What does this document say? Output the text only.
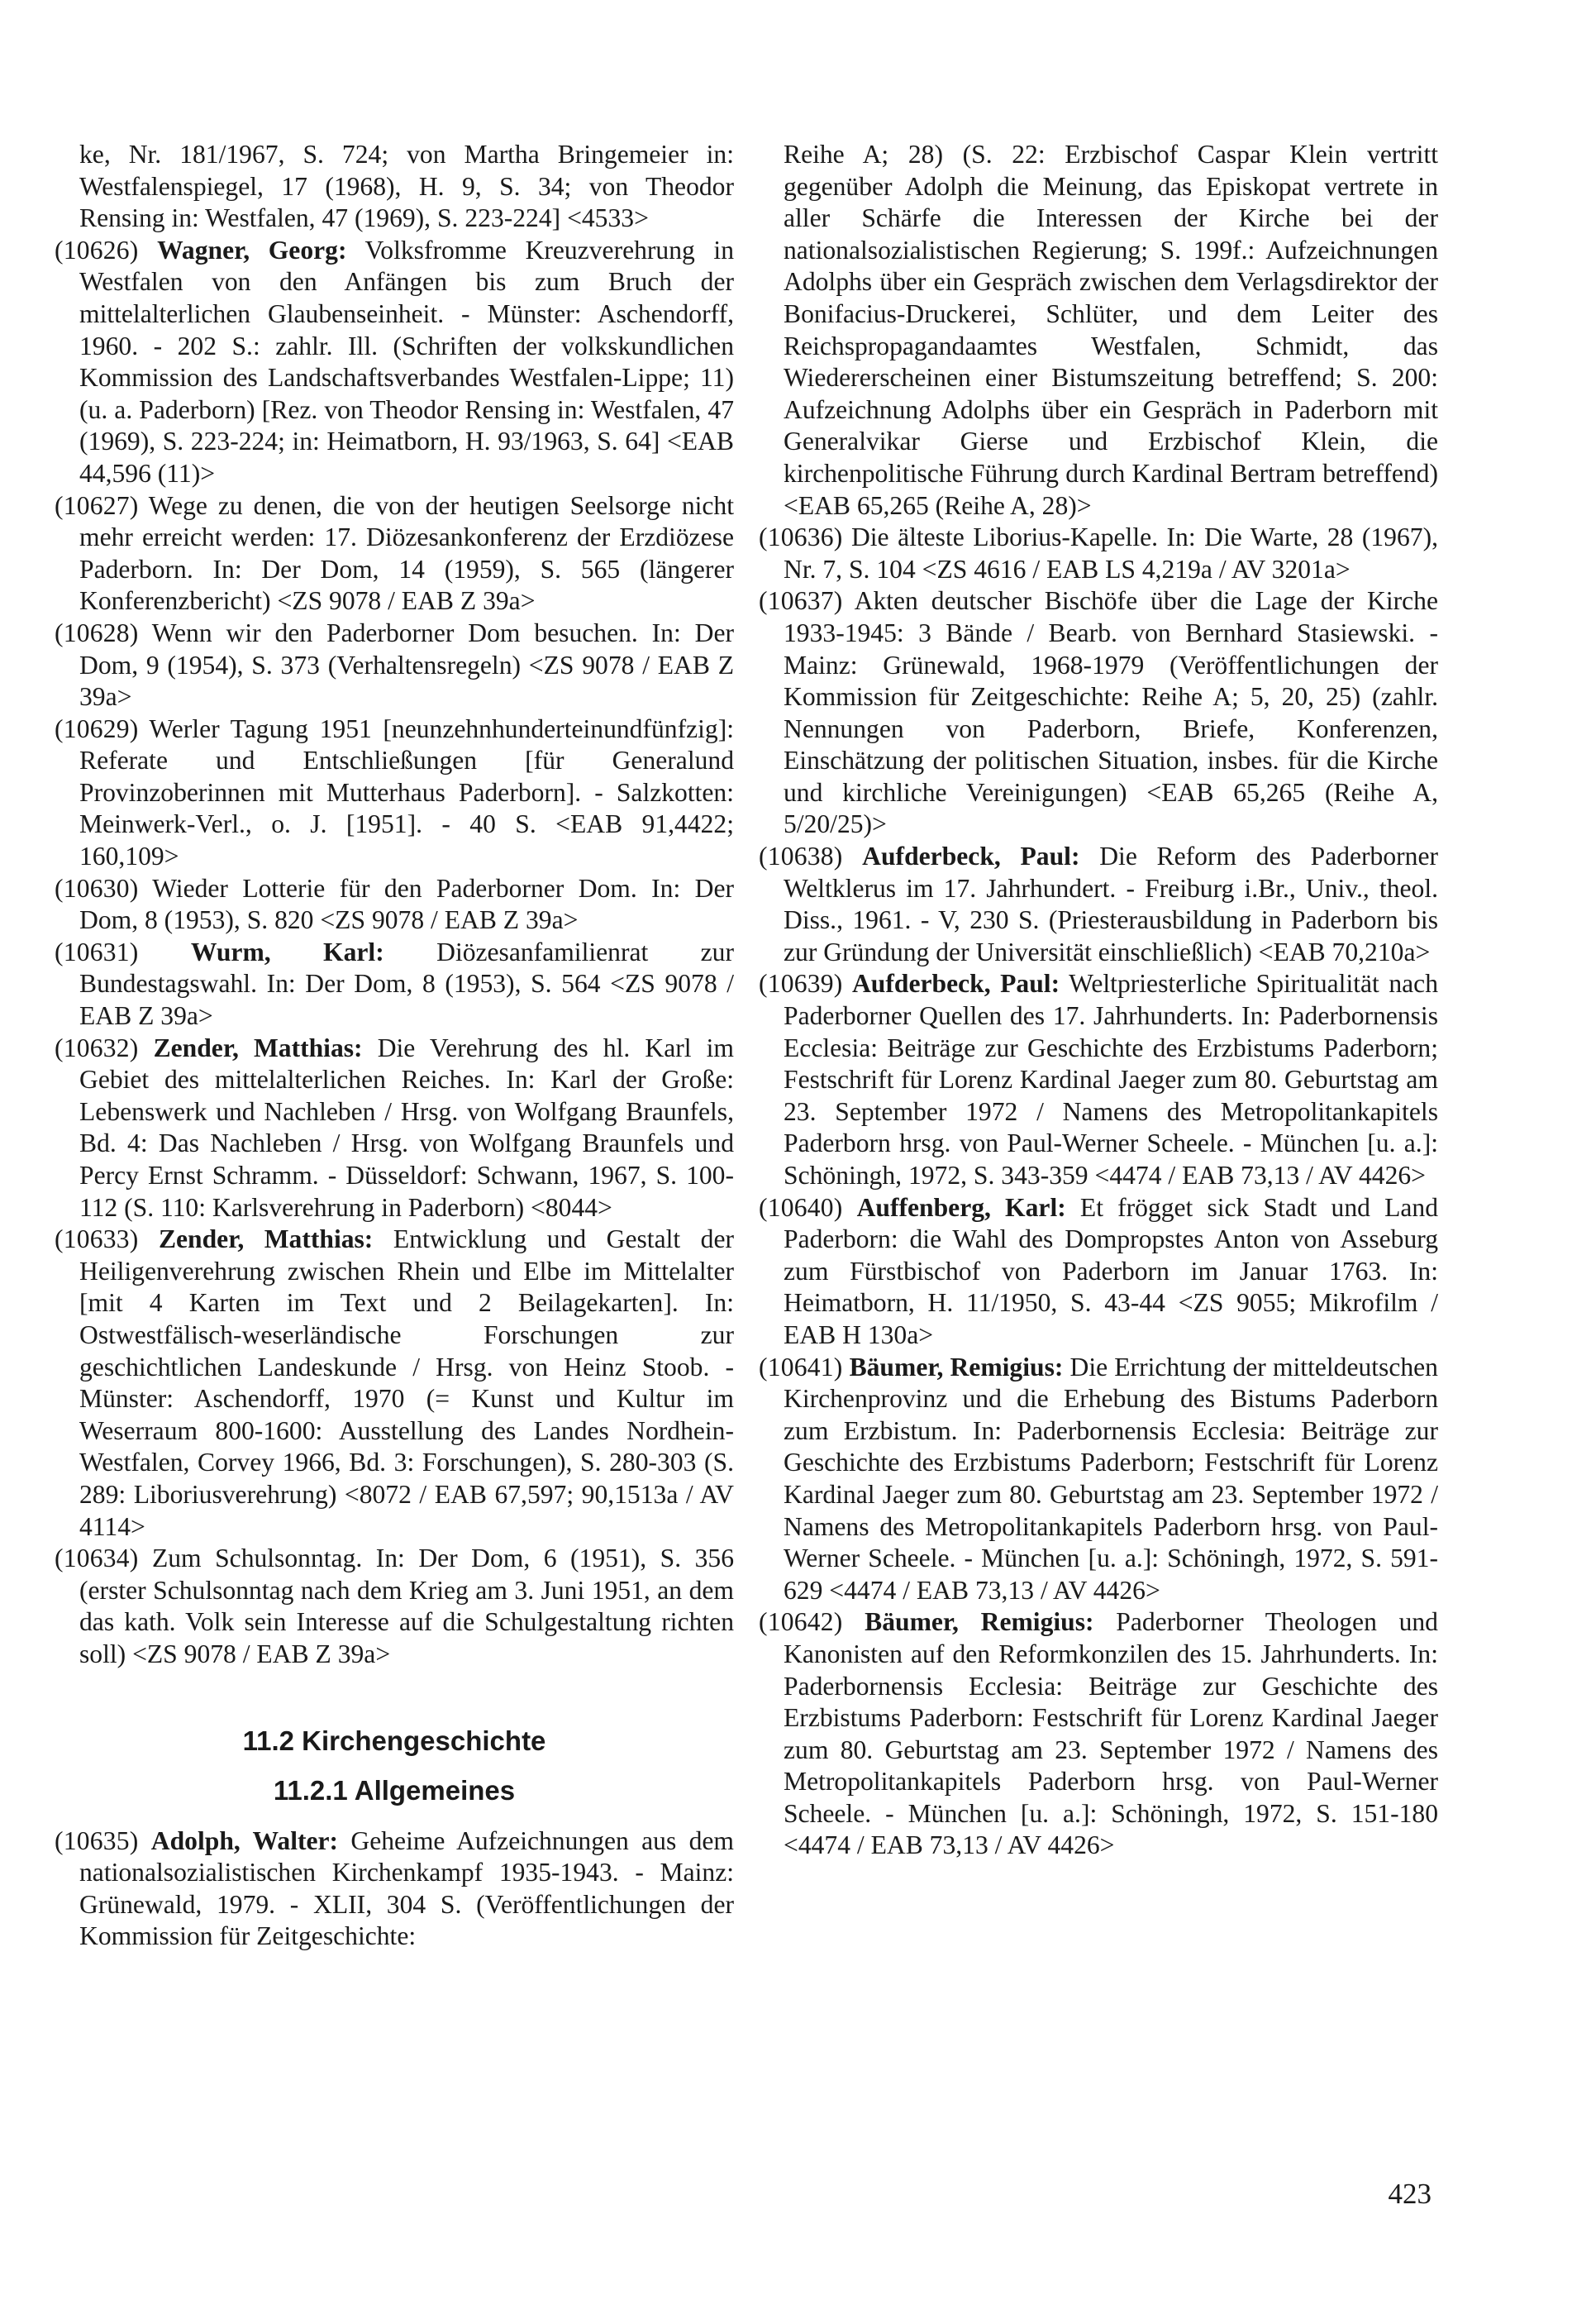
ke, Nr. 181/1967, S. 724; von Martha Bringemeier in: Westfalenspiegel, 17 (1968), H. 9, S. 34; von Theodor Rensing in: Westfalen, 47 (1969), S. 223-224] <4533>

(10626) Wagner, Georg: Volksfromme Kreuzverehrung in Westfalen von den Anfängen bis zum Bruch der mittelalterlichen Glaubenseinheit. - Münster: Aschendorff, 1960. - 202 S.: zahlr. Ill. (Schriften der volkskundlichen Kommission des Landschaftsverbandes Westfalen-Lippe; 11) (u. a. Paderborn) [Rez. von Theodor Rensing in: Westfalen, 47 (1969), S. 223-224; in: Heimatborn, H. 93/1963, S. 64] <EAB 44,596 (11)>

(10627) Wege zu denen, die von der heutigen Seelsorge nicht mehr erreicht werden: 17. Diözesankonferenz der Erzdiözese Paderborn. In: Der Dom, 14 (1959), S. 565 (längerer Konferenzbericht) <ZS 9078 / EAB Z 39a>

(10628) Wenn wir den Paderborner Dom besuchen. In: Der Dom, 9 (1954), S. 373 (Verhaltensregeln) <ZS 9078 / EAB Z 39a>

(10629) Werler Tagung 1951 [neunzehnhunderteinundfünfzig]: Referate und Entschließungen [für Generalund Provinzoberinnen mit Mutterhaus Paderborn]. - Salzkotten: Meinwerk-Verl., o. J. [1951]. - 40 S. <EAB 91,4422; 160,109>

(10630) Wieder Lotterie für den Paderborner Dom. In: Der Dom, 8 (1953), S. 820 <ZS 9078 / EAB Z 39a>

(10631) Wurm, Karl: Diözesanfamilienrat zur Bundestagswahl. In: Der Dom, 8 (1953), S. 564 <ZS 9078 / EAB Z 39a>

(10632) Zender, Matthias: Die Verehrung des hl. Karl im Gebiet des mittelalterlichen Reiches. In: Karl der Große: Lebenswerk und Nachleben / Hrsg. von Wolfgang Braunfels, Bd. 4: Das Nachleben / Hrsg. von Wolfgang Braunfels und Percy Ernst Schramm. - Düsseldorf: Schwann, 1967, S. 100-112 (S. 110: Karlsverehrung in Paderborn) <8044>

(10633) Zender, Matthias: Entwicklung und Gestalt der Heiligenverehrung zwischen Rhein und Elbe im Mittelalter [mit 4 Karten im Text und 2 Beilagekarten]. In: Ostwestfälisch-weserländische Forschungen zur geschichtlichen Landeskunde / Hrsg. von Heinz Stoob. - Münster: Aschendorff, 1970 (= Kunst und Kultur im Weserraum 800-1600: Ausstellung des Landes Nordhein-Westfalen, Corvey 1966, Bd. 3: Forschungen), S. 280-303 (S. 289: Liboriusverehrung) <8072 / EAB 67,597; 90,1513a / AV 4114>

(10634) Zum Schulsonntag. In: Der Dom, 6 (1951), S. 356 (erster Schulsonntag nach dem Krieg am 3. Juni 1951, an dem das kath. Volk sein Interesse auf die Schulgestaltung richten soll) <ZS 9078 / EAB Z 39a>

11.2 Kirchengeschichte
11.2.1 Allgemeines

(10635) Adolph, Walter: Geheime Aufzeichnungen aus dem nationalsozialistischen Kirchenkampf 1935-1943. - Mainz: Grünewald, 1979. - XLII, 304 S. (Veröffentlichungen der Kommission für Zeitgeschichte:

Reihe A; 28) (S. 22: Erzbischof Caspar Klein vertritt gegenüber Adolph die Meinung, das Episkopat vertrete in aller Schärfe die Interessen der Kirche bei der nationalsozialistischen Regierung; S. 199f.: Aufzeichnungen Adolphs über ein Gespräch zwischen dem Verlagsdirektor der Bonifacius-Druckerei, Schlüter, und dem Leiter des Reichspropagandaamtes Westfalen, Schmidt, das Wiedererscheinen einer Bistumszeitung betreffend; S. 200: Aufzeichnung Adolphs über ein Gespräch in Paderborn mit Generalvikar Gierse und Erzbischof Klein, die kirchenpolitische Führung durch Kardinal Bertram betreffend) <EAB 65,265 (Reihe A, 28)>

(10636) Die älteste Liborius-Kapelle. In: Die Warte, 28 (1967), Nr. 7, S. 104 <ZS 4616 / EAB LS 4,219a / AV 3201a>

(10637) Akten deutscher Bischöfe über die Lage der Kirche 1933-1945: 3 Bände / Bearb. von Bernhard Stasiewski. - Mainz: Grünewald, 1968-1979 (Veröffentlichungen der Kommission für Zeitgeschichte: Reihe A; 5, 20, 25) (zahlr. Nennungen von Paderborn, Briefe, Konferenzen, Einschätzung der politischen Situation, insbes. für die Kirche und kirchliche Vereinigungen) <EAB 65,265 (Reihe A, 5/20/25)>

(10638) Aufderbeck, Paul: Die Reform des Paderborner Weltklerus im 17. Jahrhundert. - Freiburg i.Br., Univ., theol. Diss., 1961. - V, 230 S. (Priesterausbildung in Paderborn bis zur Gründung der Universität einschließlich) <EAB 70,210a>

(10639) Aufderbeck, Paul: Weltpriesterliche Spiritualität nach Paderborner Quellen des 17. Jahrhunderts. In: Paderbornensis Ecclesia: Beiträge zur Geschichte des Erzbistums Paderborn; Festschrift für Lorenz Kardinal Jaeger zum 80. Geburtstag am 23. September 1972 / Namens des Metropolitankapitels Paderborn hrsg. von Paul-Werner Scheele. - München [u. a.]: Schöningh, 1972, S. 343-359 <4474 / EAB 73,13 / AV 4426>

(10640) Auffenberg, Karl: Et frögget sick Stadt und Land Paderborn: die Wahl des Dompropstes Anton von Asseburg zum Fürstbischof von Paderborn im Januar 1763. In: Heimatborn, H. 11/1950, S. 43-44 <ZS 9055; Mikrofilm / EAB H 130a>

(10641) Bäumer, Remigius: Die Errichtung der mitteldeutschen Kirchenprovinz und die Erhebung des Bistums Paderborn zum Erzbistum. In: Paderbornensis Ecclesia: Beiträge zur Geschichte des Erzbistums Paderborn; Festschrift für Lorenz Kardinal Jaeger zum 80. Geburtstag am 23. September 1972 / Namens des Metropolitankapitels Paderborn hrsg. von Paul-Werner Scheele. - München [u. a.]: Schöningh, 1972, S. 591-629 <4474 / EAB 73,13 / AV 4426>

(10642) Bäumer, Remigius: Paderborner Theologen und Kanonisten auf den Reformkonzilen des 15. Jahrhunderts. In: Paderbornensis Ecclesia: Beiträge zur Geschichte des Erzbistums Paderborn: Festschrift für Lorenz Kardinal Jaeger zum 80. Geburtstag am 23. September 1972 / Namens des Metropolitankapitels Paderborn hrsg. von Paul-Werner Scheele. - München [u. a.]: Schöningh, 1972, S. 151-180 <4474 / EAB 73,13 / AV 4426>

423
